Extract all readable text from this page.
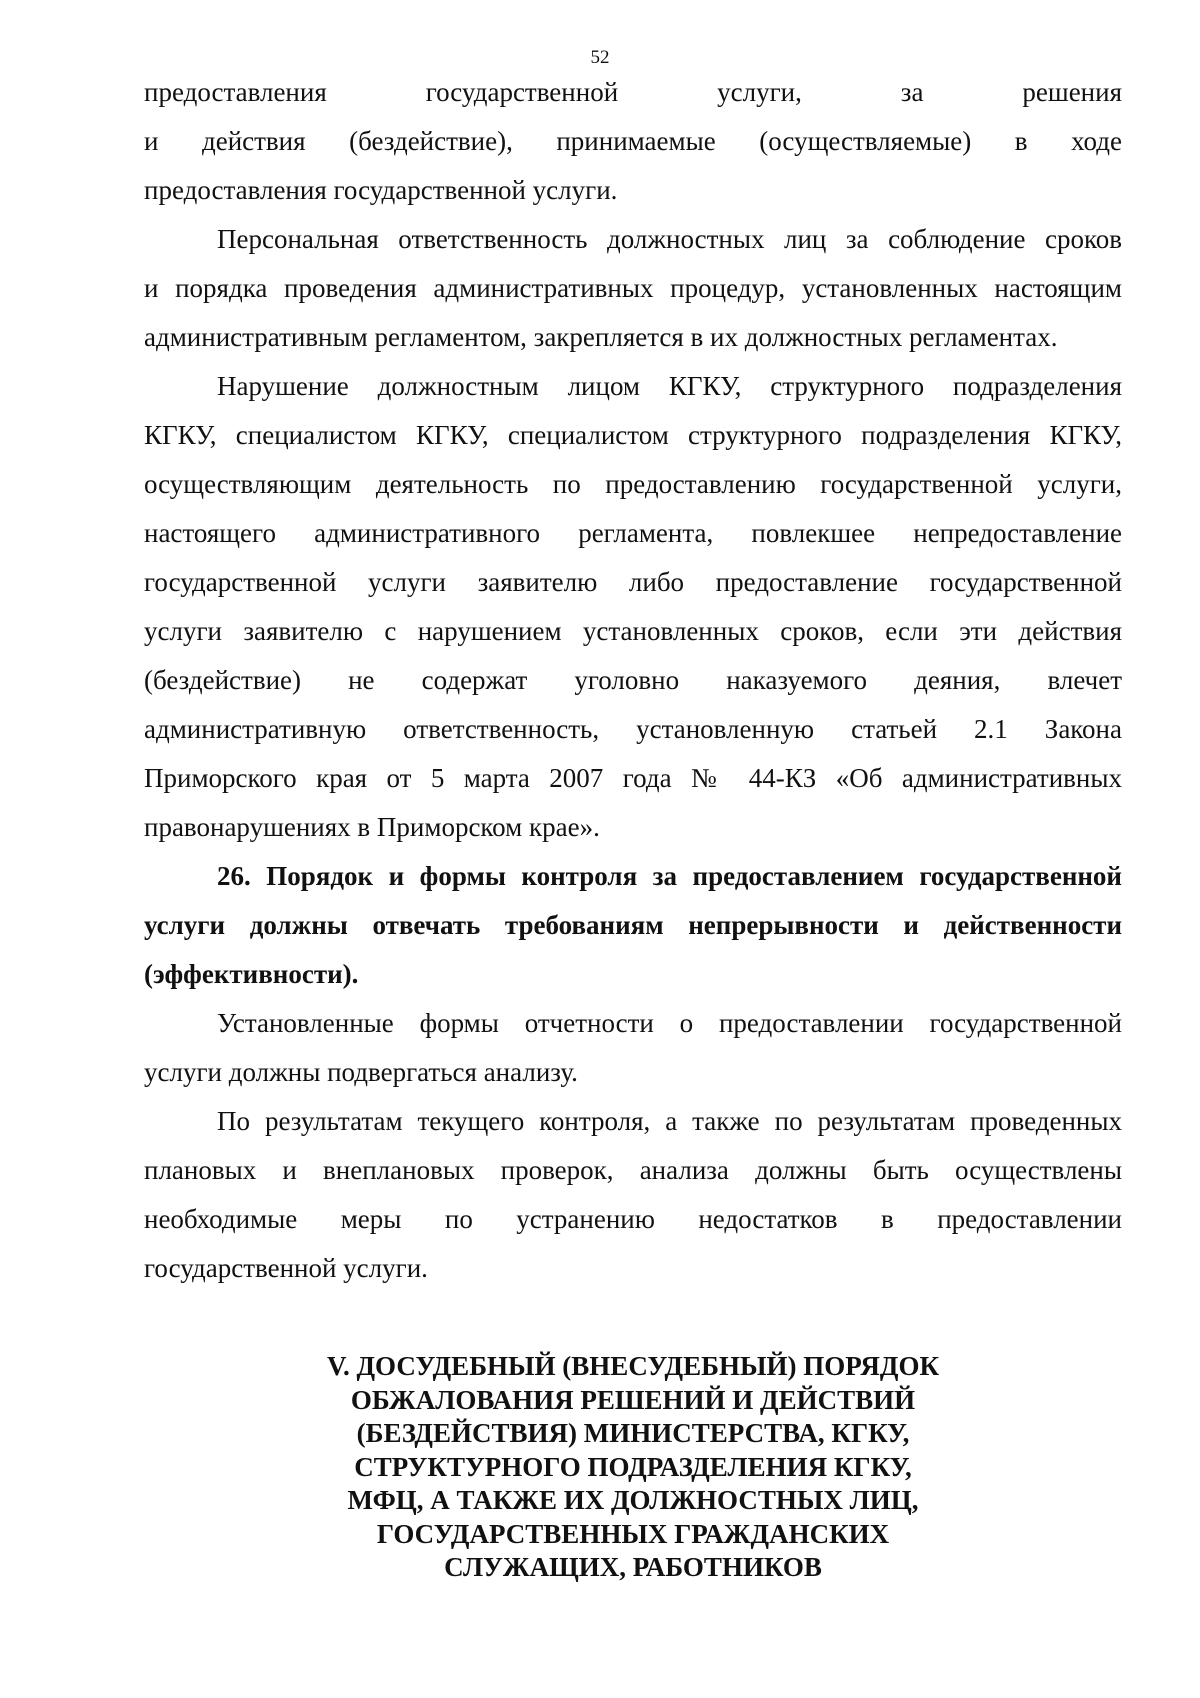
52
предоставления государственной услуги, за решения
и действия (бездействие), принимаемые (осуществляемые) в ходе
предоставления государственной услуги.
Персональная ответственность должностных лиц за соблюдение сроков
и порядка проведения административных процедур, установленных настоящим
административным регламентом, закрепляется в их должностных регламентах.
Нарушение должностным лицом КГКУ, структурного подразделения
КГКУ, специалистом КГКУ, специалистом структурного подразделения КГКУ,
осуществляющим деятельность по предоставлению государственной услуги,
настоящего административного регламента, повлекшее непредоставление
государственной услуги заявителю либо предоставление государственной
услуги заявителю с нарушением установленных сроков, если эти действия
(бездействие) не содержат уголовно наказуемого деяния, влечет
административную ответственность, установленную статьей 2.1 Закона
Приморского края от 5 марта 2007 года № 44-КЗ «Об административных
правонарушениях в Приморском крае».
26. Порядок и формы контроля за предоставлением государственной
услуги должны отвечать требованиям непрерывности и действенности
(эффективности).
Установленные формы отчетности о предоставлении государственной
услуги должны подвергаться анализу.
По результатам текущего контроля, а также по результатам проведенных
плановых и внеплановых проверок, анализа должны быть осуществлены
необходимые меры по устранению недостатков в предоставлении
государственной услуги.
V. ДОСУДЕБНЫЙ (ВНЕСУДЕБНЫЙ) ПОРЯДОК
ОБЖАЛОВАНИЯ РЕШЕНИЙ И ДЕЙСТВИЙ
(БЕЗДЕЙСТВИЯ) МИНИСТЕРСТВА, КГКУ,
СТРУКТУРНОГО ПОДРАЗДЕЛЕНИЯ КГКУ,
МФЦ, А ТАКЖЕ ИХ ДОЛЖНОСТНЫХ ЛИЦ,
ГОСУДАРСТВЕННЫХ ГРАЖДАНСКИХ
СЛУЖАЩИХ, РАБОТНИКОВ
